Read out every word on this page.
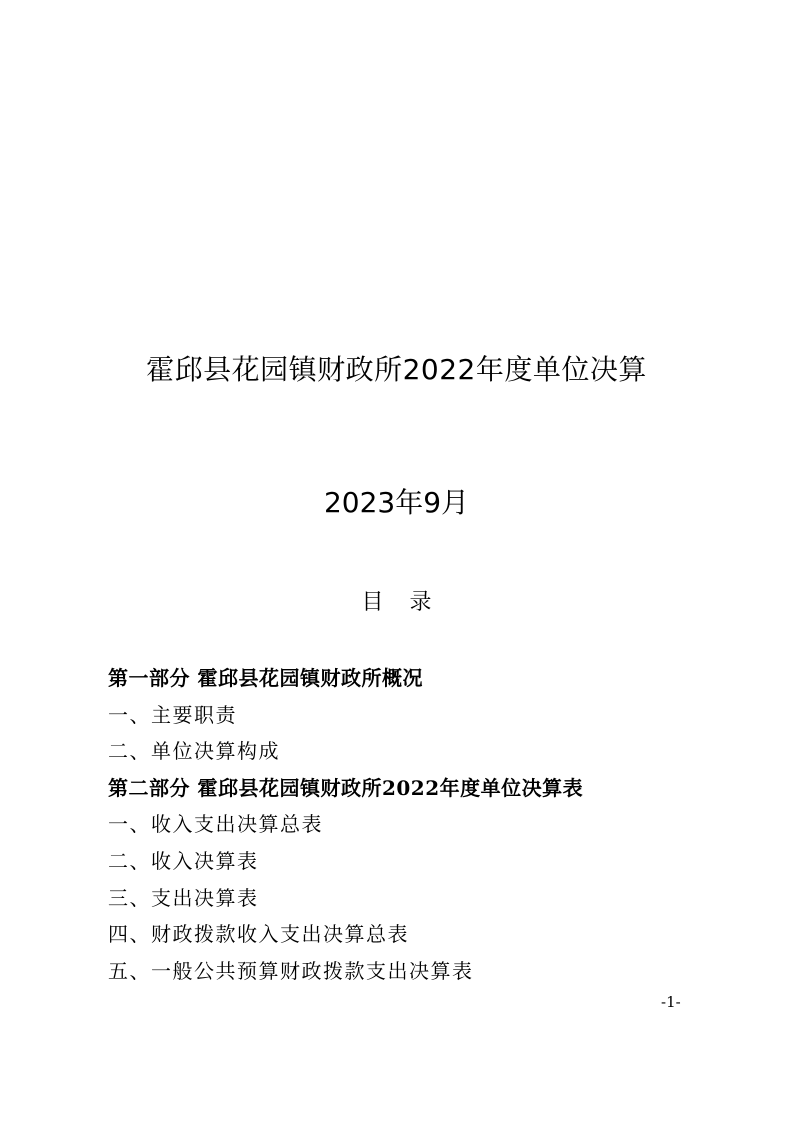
霍邱县花园镇财政所2022年度单位决算
2023年9月
目录
第一部分 霍邱县花园镇财政所概况
一、主要职责
二、单位决算构成
第二部分 霍邱县花园镇财政所2022年度单位决算表
一、收入支出决算总表
二、收入决算表
三、支出决算表
四、财政拨款收入支出决算总表
五、一般公共预算财政拨款支出决算表
-1-
